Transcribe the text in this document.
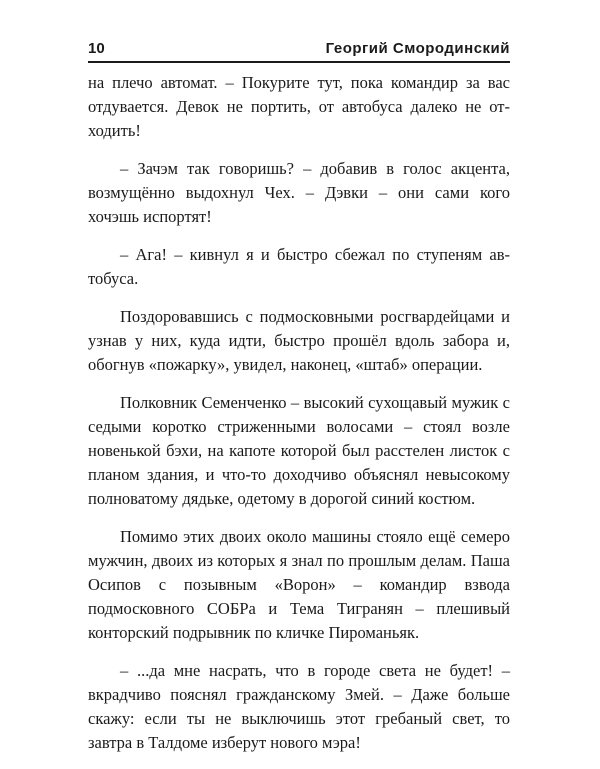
10	Георгий Смородинский

на плечо автомат. – Покурите тут, пока командир за вас отдувается. Девок не портить, от автобуса далеко не отходить!

– Зачэм так говоришь? – добавив в голос акцента, возмущённо выдохнул Чех. – Дэвки – они сами кого хочэшь испортят!

– Ага! – кивнул я и быстро сбежал по ступеням автобуса.

Поздоровавшись с подмосковными росгвардейцами и узнав у них, куда идти, быстро прошёл вдоль забора и, обогнув «пожарку», увидел, наконец, «штаб» операции.

Полковник Семенченко – высокий сухощавый мужик с седыми коротко стриженными волосами – стоял возле новенькой бэхи, на капоте которой был расстелен листок с планом здания, и что-то доходчиво объяснял невысокому полноватому дядьке, одетому в дорогой синий костюм.

Помимо этих двоих около машины стояло ещё семеро мужчин, двоих из которых я знал по прошлым делам. Паша Осипов с позывным «Ворон» – командир взвода подмосковного СОБРа и Тема Тигранян – плешивый конторский подрывник по кличке Пироманьяк.

– ...да мне насрать, что в городе света не будет! – вкрадчиво пояснял гражданскому Змей. – Даже больше скажу: если ты не выключишь этот гребаный свет, то завтра в Талдоме изберут нового мэра!
